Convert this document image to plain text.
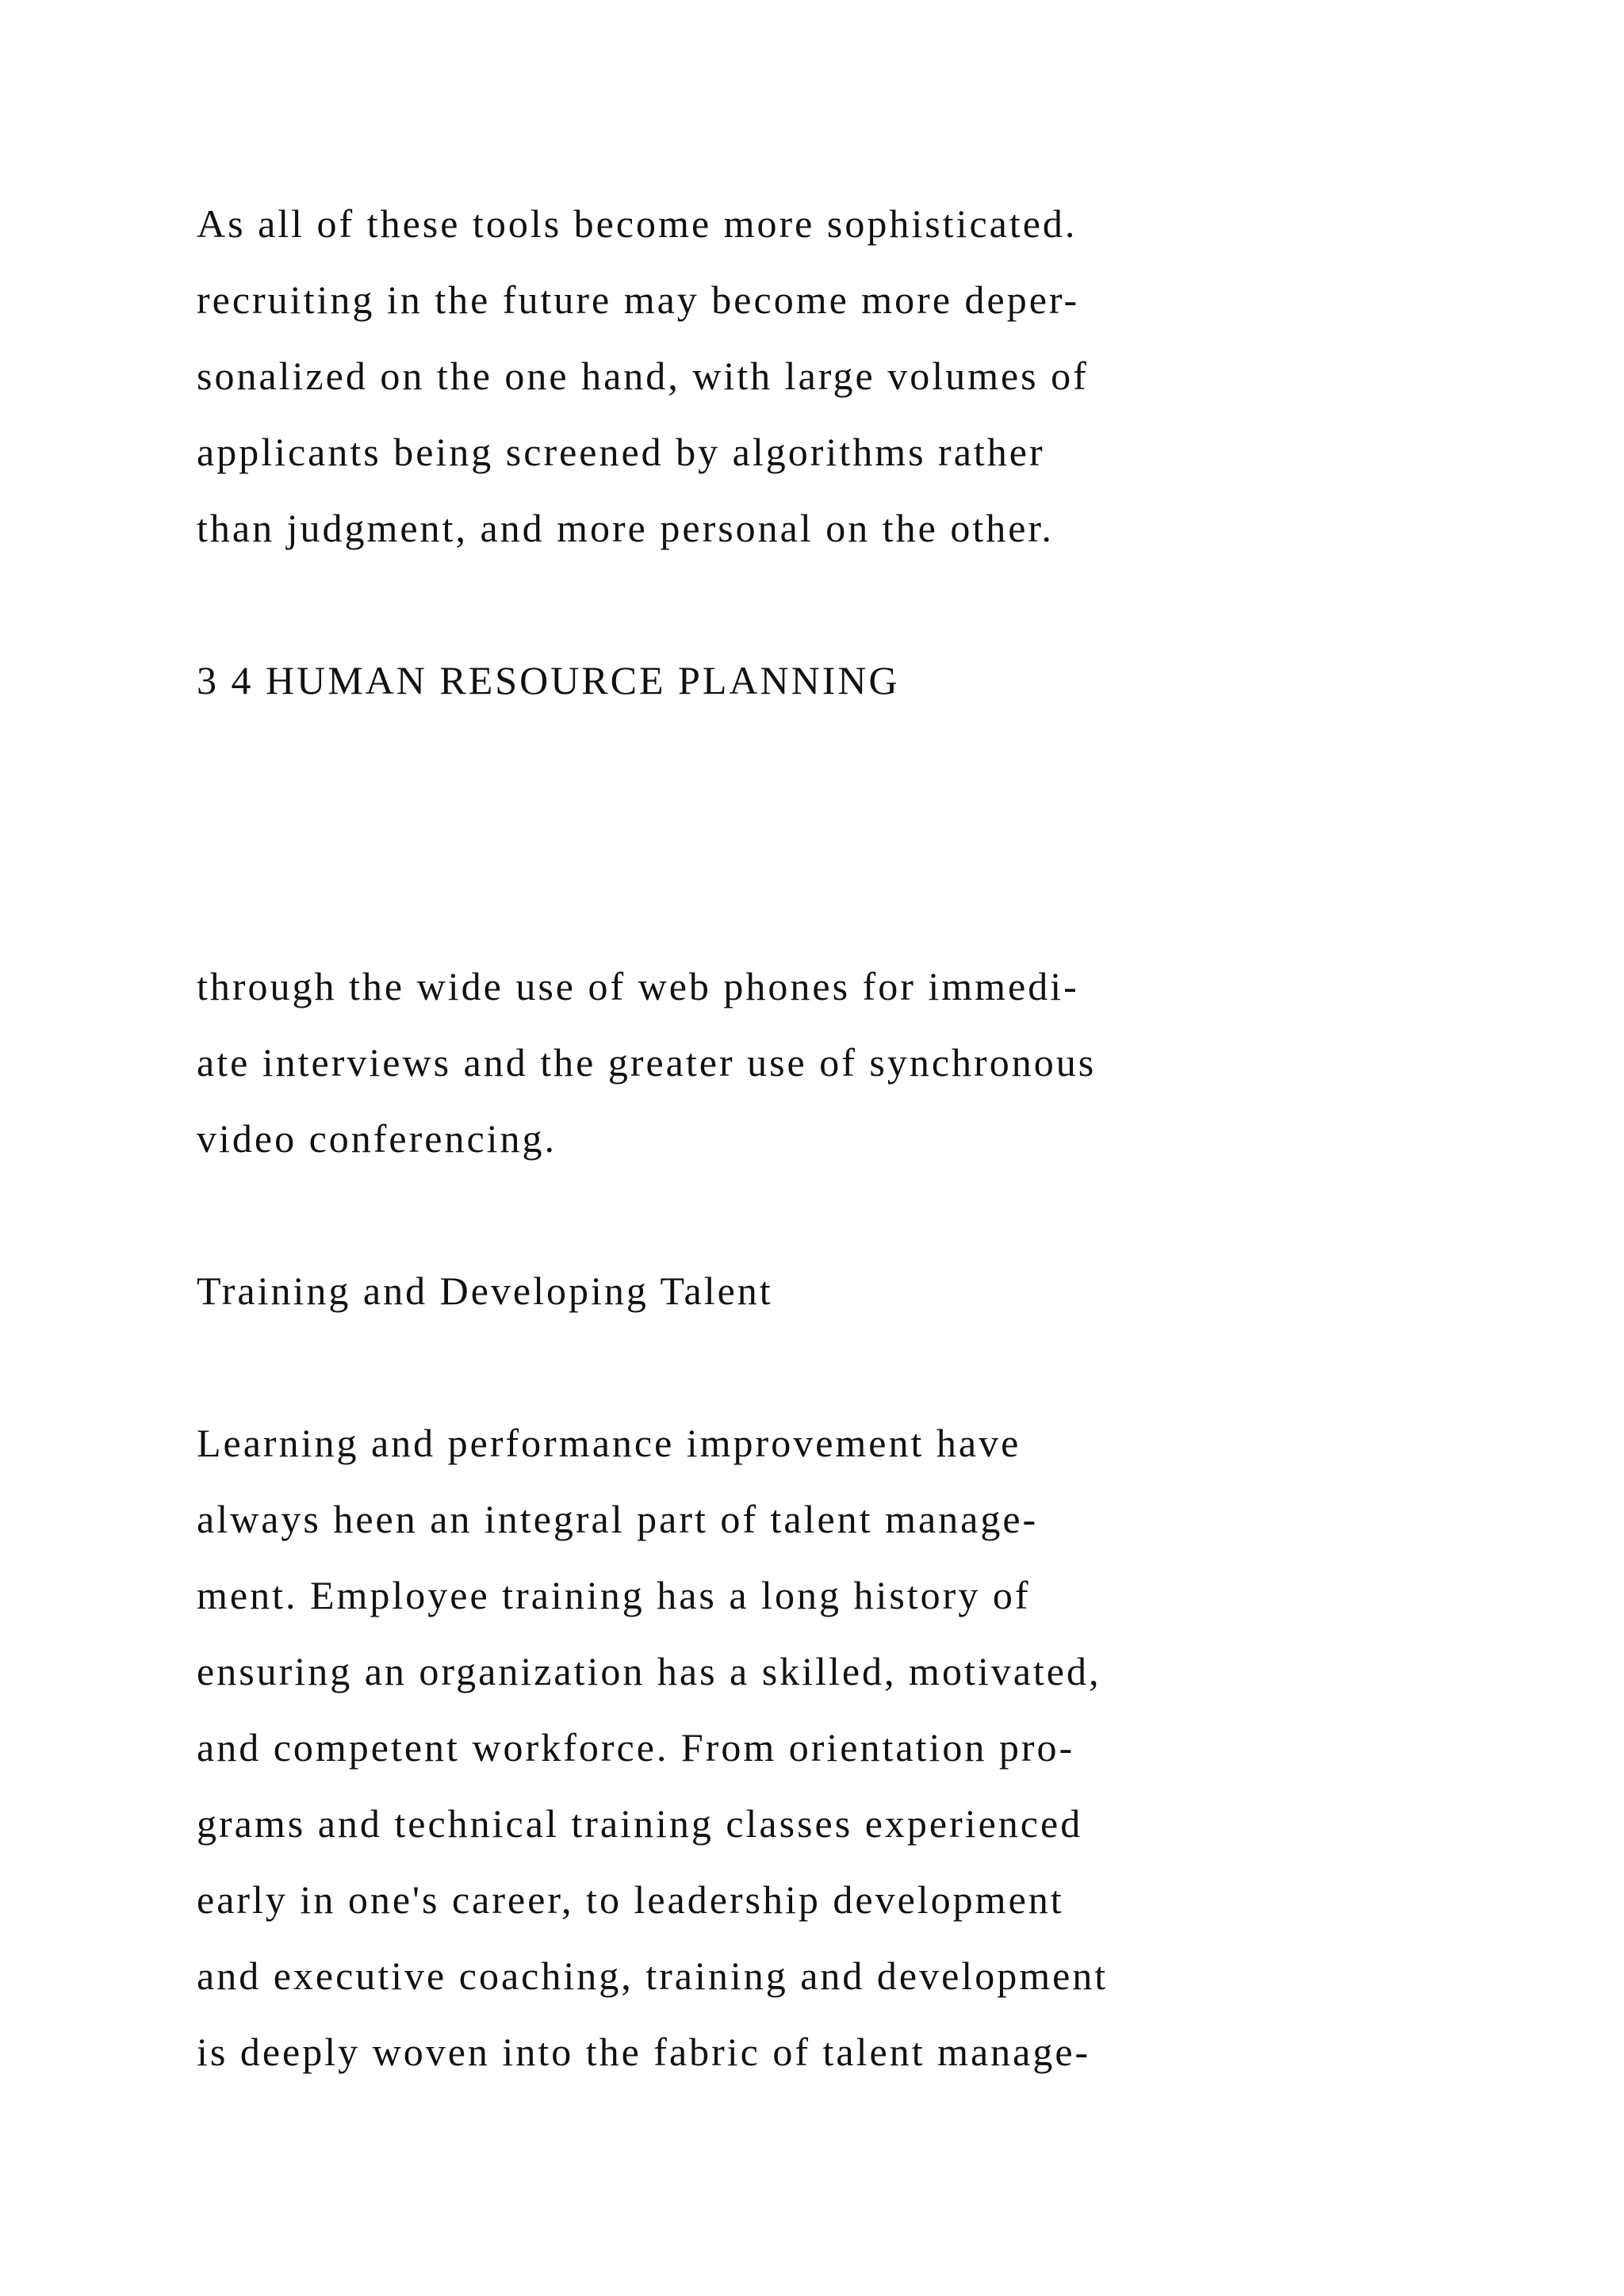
As all of these tools become more sophisticated.
recruiting in the future may become more deper-
sonalized on the one hand, with large volumes of
applicants being screened by algorithms rather
than judgment, and more personal on the other.
3 4 HUMAN RESOURCE PLANNING
through the wide use of web phones for immedi-
ate interviews and the greater use of synchronous
video conferencing.
Training and Developing Talent
Learning and performance improvement have
always heen an integral part of talent manage-
ment. Employee training has a long history of
ensuring an organization has a skilled, motivated,
and competent workforce. From orientation pro-
grams and technical training classes experienced
early in one's career, to leadership development
and executive coaching, training and development
is deeply woven into the fabric of talent manage-
